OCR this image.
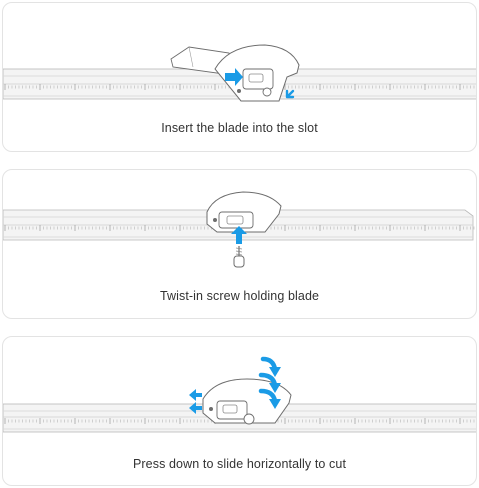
Insert the blade into the slot
Twist-in screw holding blade
Press down to slide horizontally to cut
